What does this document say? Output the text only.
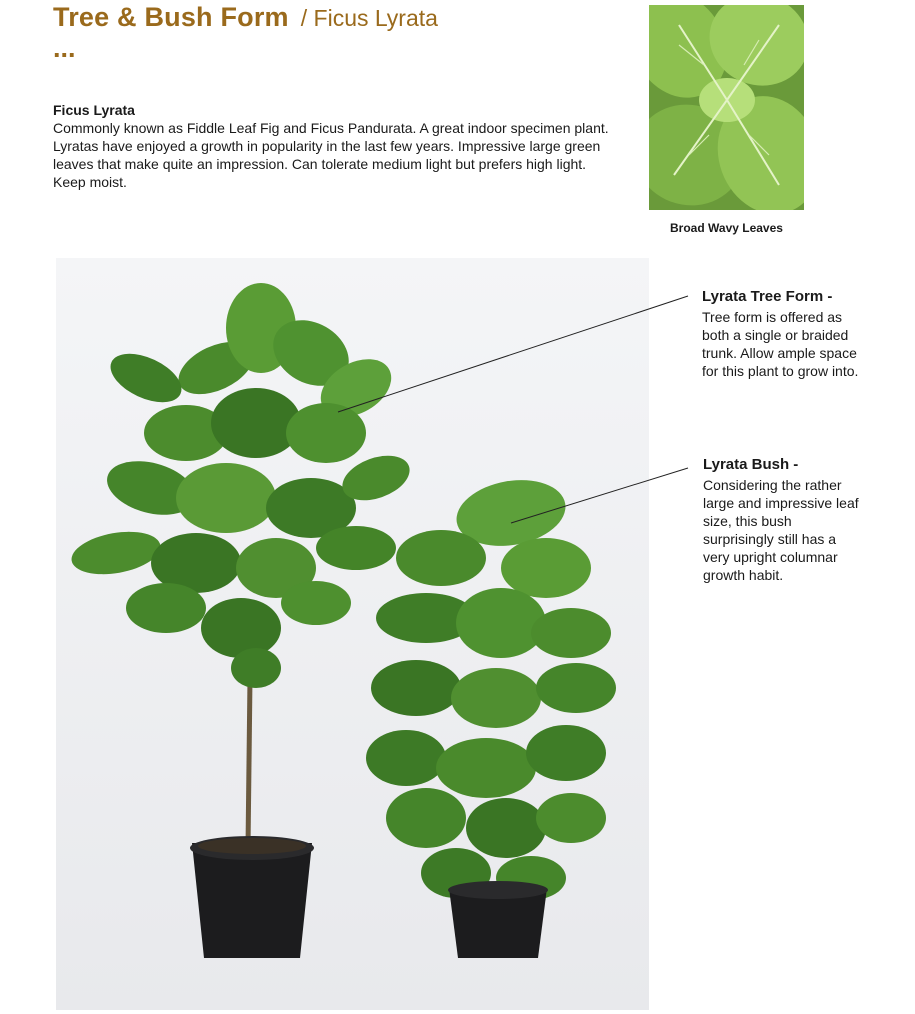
Tree & Bush Form / Ficus Lyrata
...
Ficus Lyrata
Commonly known as Fiddle Leaf Fig and Ficus Pandurata. A great indoor specimen plant. Lyratas have enjoyed a growth in popularity in the last few years. Impressive large green leaves that make quite an impression. Can tolerate medium light but prefers high light. Keep moist.
Broad Wavy Leaves
Lyrata Tree Form -
Tree form is offered as both a single or braided trunk. Allow ample space for this plant to grow into.
Lyrata Bush -
Considering the rather large and impressive leaf size, this bush surprisingly still has a very upright columnar growth habit.
